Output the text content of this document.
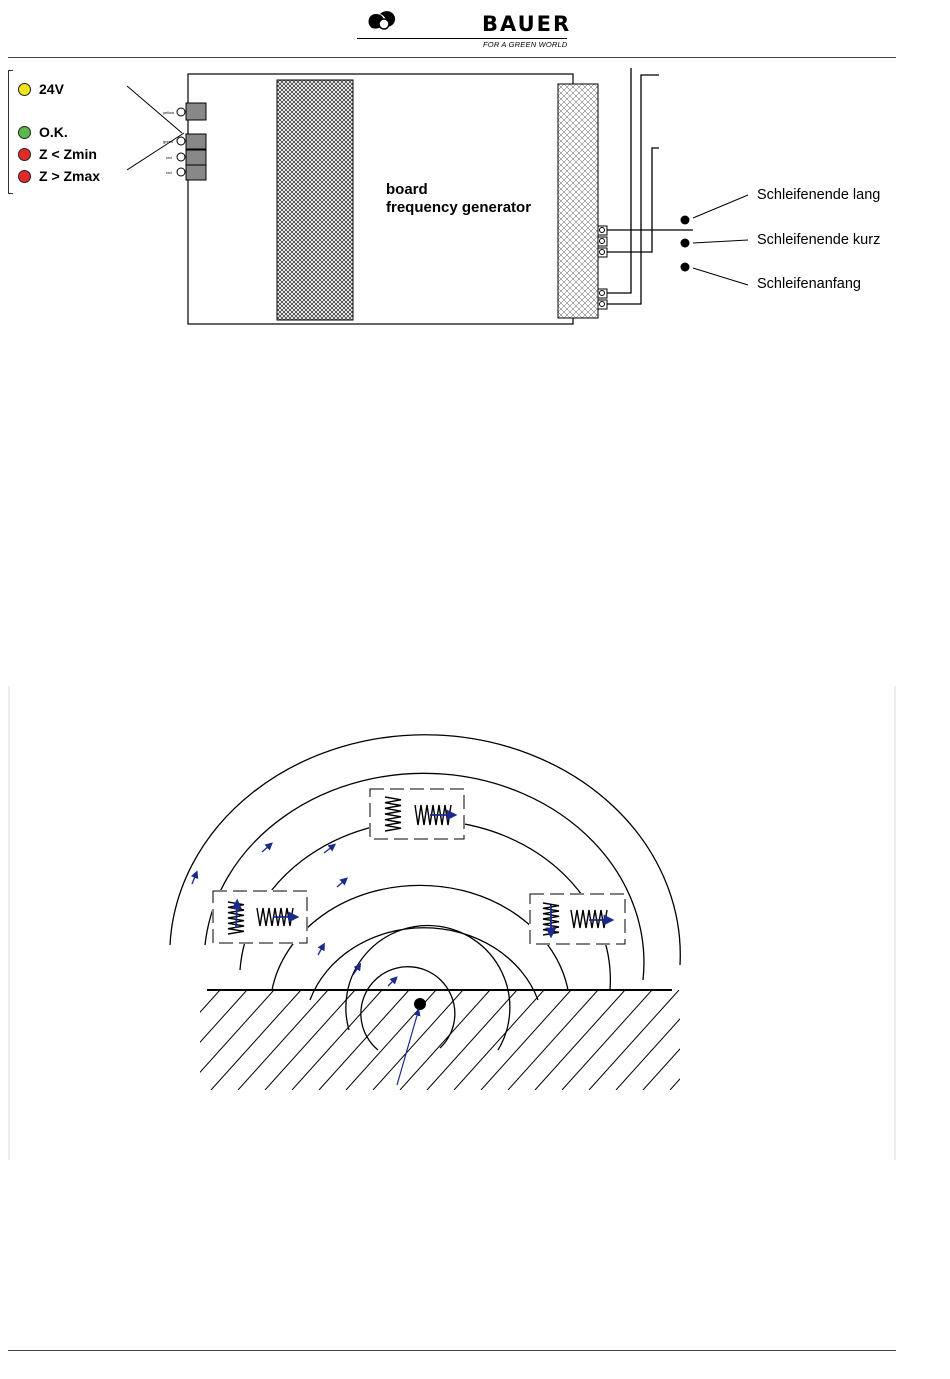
BAUER
FOR A GREEN WORLD
24V
O.K.
Z < Zmin
Z > Zmax
yellow
green
red
red
board
frequency generator
Schleifenende lang
Schleifenende kurz
Schleifenanfang
